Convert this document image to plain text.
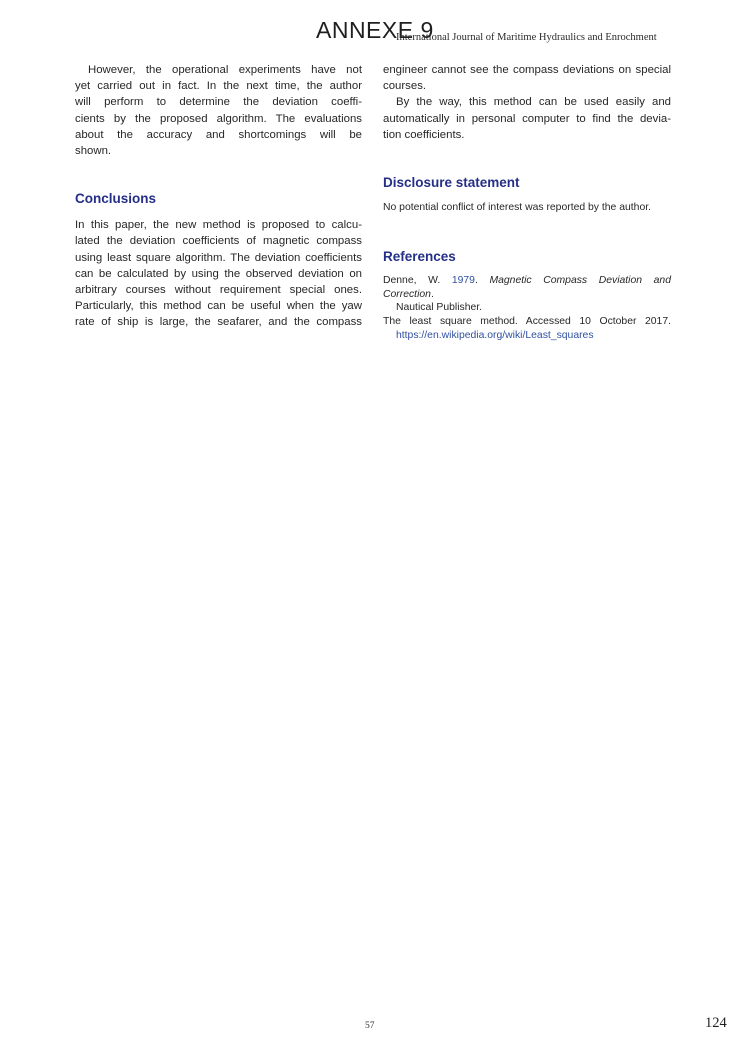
ANNEXE 9
International Journal of Maritime Hydraulics and Enrochment
However, the operational experiments have not
yet carried out in fact. In the next time, the author
will perform to determine the deviation coeffi-
cients by the proposed algorithm. The evaluations
about the accuracy and shortcomings will be
shown.
Conclusions
In this paper, the new method is proposed to calcu-
lated the deviation coefficients of magnetic compass
using least square algorithm. The deviation coefficients
can be calculated by using the observed deviation on
arbitrary courses without requirement special ones.
Particularly, this method can be useful when the yaw
rate of ship is large, the seafarer, and the compass
engineer cannot see the compass deviations on special
courses.
By the way, this method can be used easily and
automatically in personal computer to find the devia-
tion coefficients.
Disclosure statement
No potential conflict of interest was reported by the author.
References
Denne, W. 1979. Magnetic Compass Deviation and Correction.
Nautical Publisher.
The least square method. Accessed 10 October 2017.
https://en.wikipedia.org/wiki/Least_squares
57	124
